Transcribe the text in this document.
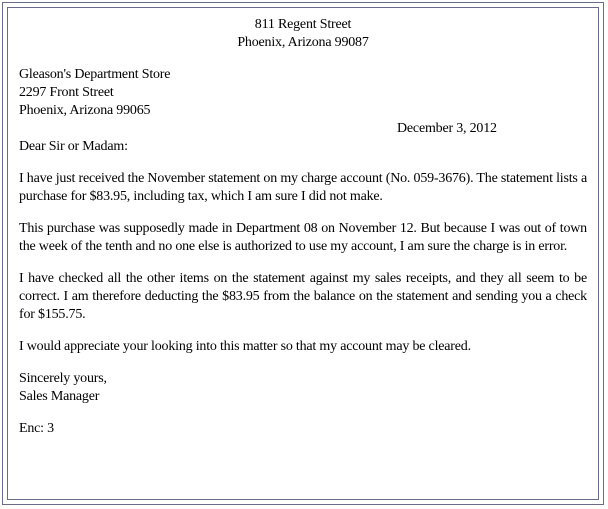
811 Regent Street
Phoenix, Arizona 99087
Gleason's Department Store
2297 Front Street
Phoenix, Arizona 99065
December 3, 2012
Dear Sir or Madam:

I have just received the November statement on my charge account (No. 059-3676). The statement lists a purchase for $83.95, including tax, which I am sure I did not make.

This purchase was supposedly made in Department 08 on November 12. But because I was out of town the week of the tenth and no one else is authorized to use my account, I am sure the charge is in error.

I have checked all the other items on the statement against my sales receipts, and they all seem to be correct. I am therefore deducting the $83.95 from the balance on the statement and sending you a check for $155.75.

I would appreciate your looking into this matter so that my account may be cleared.

Sincerely yours,
Sales Manager
Enc: 3
